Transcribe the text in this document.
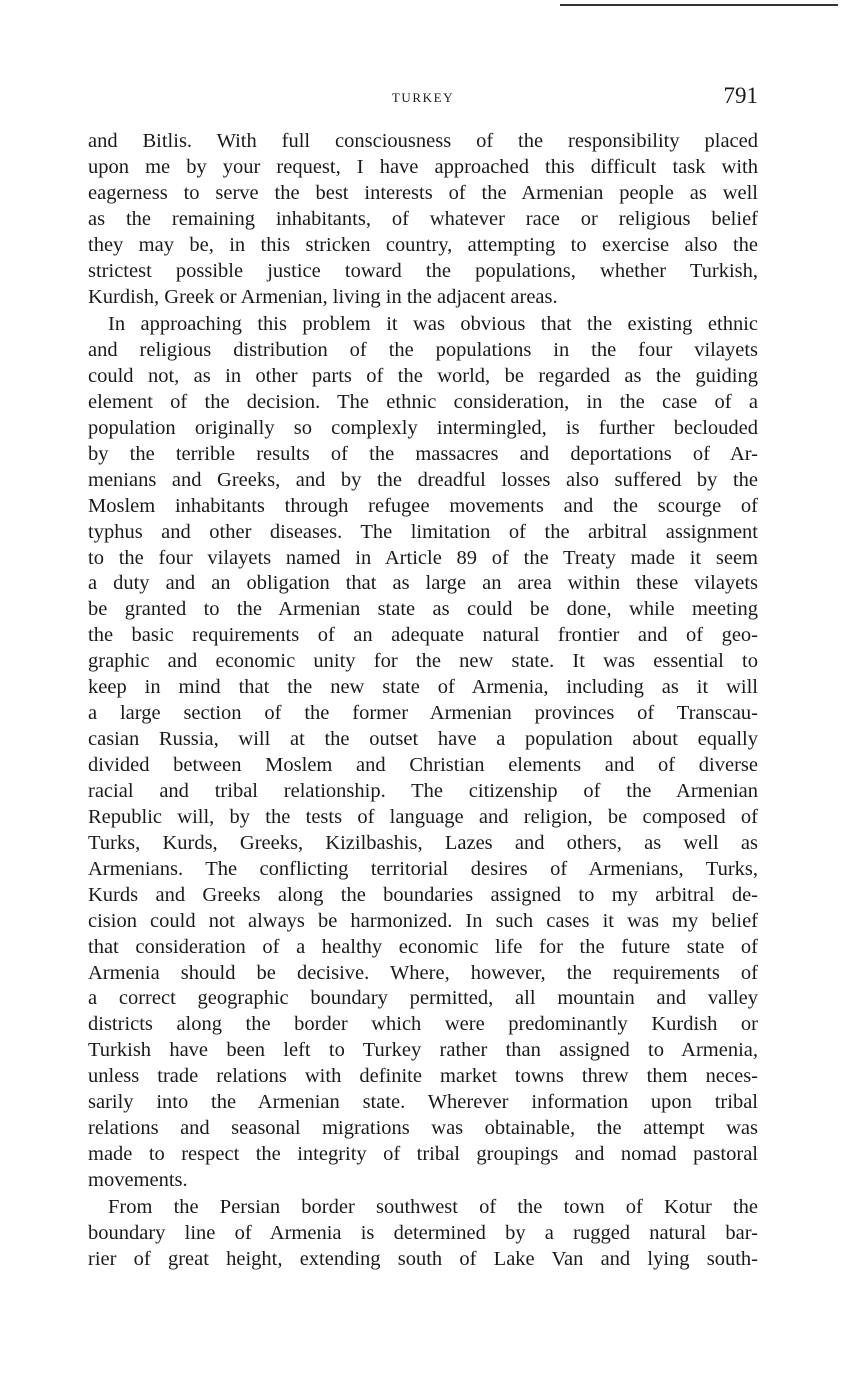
TURKEY	791
and Bitlis. With full consciousness of the responsibility placed
upon me by your request, I have approached this difficult task with
eagerness to serve the best interests of the Armenian people as well
as the remaining inhabitants, of whatever race or religious belief
they may be, in this stricken country, attempting to exercise also the
strictest possible justice toward the populations, whether Turkish,
Kurdish, Greek or Armenian, living in the adjacent areas.
In approaching this problem it was obvious that the existing ethnic
and religious distribution of the populations in the four vilayets
could not, as in other parts of the world, be regarded as the guiding
element of the decision. The ethnic consideration, in the case of a
population originally so complexly intermingled, is further beclouded
by the terrible results of the massacres and deportations of Ar-
menians and Greeks, and by the dreadful losses also suffered by the
Moslem inhabitants through refugee movements and the scourge of
typhus and other diseases. The limitation of the arbitral assignment
to the four vilayets named in Article 89 of the Treaty made it seem
a duty and an obligation that as large an area within these vilayets
be granted to the Armenian state as could be done, while meeting
the basic requirements of an adequate natural frontier and of geo-
graphic and economic unity for the new state. It was essential to
keep in mind that the new state of Armenia, including as it will
a large section of the former Armenian provinces of Transcau-
casian Russia, will at the outset have a population about equally
divided between Moslem and Christian elements and of diverse
racial and tribal relationship. The citizenship of the Armenian
Republic will, by the tests of language and religion, be composed of
Turks, Kurds, Greeks, Kizilbashis, Lazes and others, as well as
Armenians. The conflicting territorial desires of Armenians, Turks,
Kurds and Greeks along the boundaries assigned to my arbitral de-
cision could not always be harmonized. In such cases it was my belief
that consideration of a healthy economic life for the future state of
Armenia should be decisive. Where, however, the requirements of
a correct geographic boundary permitted, all mountain and valley
districts along the border which were predominantly Kurdish or
Turkish have been left to Turkey rather than assigned to Armenia,
unless trade relations with definite market towns threw them neces-
sarily into the Armenian state. Wherever information upon tribal
relations and seasonal migrations was obtainable, the attempt was
made to respect the integrity of tribal groupings and nomad pastoral
movements.
From the Persian border southwest of the town of Kotur the
boundary line of Armenia is determined by a rugged natural bar-
rier of great height, extending south of Lake Van and lying south-
